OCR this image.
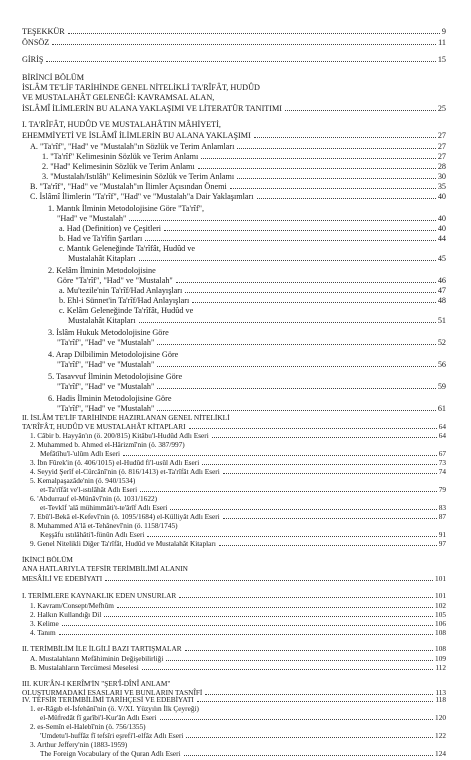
TEŞEKKÜR	9
ÖNSÖZ	11
GİRİŞ	15
BİRİNCİ BÖLÜM
İSLÂM TE'LİF TARİHİNDE GENEL NİTELİKLİ TA'RÎFÂT, HUDÛD
VE MUSTALAHÂT GELENEĞİ: KAVRAMSAL ALAN,
İSLÂMÎ İLİMLERİN BU ALANA YAKLAŞIMI VE LİTERATÜR TANITIMI	25
I. TA'RÎFÂT, HUDÛD VE MUSTALAHÂTIN MÂHİYETİ,
EHEMMİYETİ VE İSLÂMÎ İLİMLERİN BU ALANA YAKLAŞIMI	27
A. "Ta'rîf", "Had" ve "Mustalah"ın Sözlük ve Terim Anlamları	27
1. "Ta'rîf" Kelimesinin Sözlük ve Terim Anlamı	27
2. "Had" Kelimesinin Sözlük ve Terim Anlamı	28
3. "Mustalah/Istılâh" Kelimesinin Sözlük ve Terim Anlamı	30
B. "Ta'rîf", "Had" ve "Mustalah"ın İlimler Açısından Önemi	35
C. İslâmî İlimlerin "Ta'rîf", "Had" ve "Mustalah"a Dair Yaklaşımları	40
1. Mantık İlminin Metodolojisine Göre "Ta'rîf",
"Had" ve "Mustalah"	40
a. Had (Definition) ve Çeşitleri	40
b. Had ve Ta'rîfin Şartları	44
c. Mantık Geleneğinde Ta'rîfât, Hudûd ve
Mustalahât Kitapları	45
2. Kelâm İlminin Metodolojisine
Göre "Ta'rîf", "Had" ve "Mustalah"	46
a. Mu'tezile'nin Ta'rîf/Had Anlayışları	47
b. Ehl-i Sünnet'in Ta'rîf/Had Anlayışları	48
c. Kelâm Geleneğinde Ta'rîfât, Hudûd ve
Mustalahât Kitapları	51
3. İslâm Hukuk Metodolojisine Göre
"Ta'rîf", "Had" ve "Mustalah"	52
4. Arap Dilbilimin Metodolojisine Göre
"Ta'rîf", "Had" ve "Mustalah"	56
5. Tasavvuf İlminin Metodolojisine Göre
"Ta'rîf", "Had" ve "Mustalah"	59
6. Hadis İlminin Metodolojisine Göre
"Ta'rîf", "Had" ve "Mustalah"	61
II. İSLÂM TE'LİF TARİHİNDE HAZIRLANAN GENEL NİTELİKLİ
TA'RÎFÂT, HUDÛD VE MUSTALAHÂT KİTAPLARI	64
1. Câbir b. Hayyân'ın (ö. 200/815) Kitâbu'l-Hudûd Adlı Eseri	64
2. Muhammed b. Ahmed el-Hârizmî'nin (ö. 387/997)
Mefâtîhu'l-'ulûm Adlı Eseri	67
3. İbn Fûrek'in (ö. 406/1015) el-Hudûd fi'l-usûl Adlı Eseri	73
4. Seyyid Şerîf el-Cürcânî'nin (ö. 816/1413) et-Ta'rîfât Adlı Eseri	74
5. Kemalpaşazâde'nin (ö. 940/1534)
et-Ta'rîfât ve'l-ıstılâhât Adlı Eseri	79
6. 'Abdurrauf el-Münâvî'nin (ö. 1031/1622)
et-Tevkîf 'alâ mühimmâti't-te'ârîf Adlı Eseri	83
7. Ebû'l-Bekâ el-Kefevî'nin (ö. 1095/1684) el-Külliyât Adlı Eseri	87
8. Muhammed A'lâ et-Tehânevî'nin (ö. 1158/1745)
Keşşâfu ıstılâhâti'l-fünûn Adlı Eseri	91
9. Genel Nitelikli Diğer Ta'rîfât, Hudûd ve Mustalahât Kitapları	97
İKİNCİ BÖLÜM
ANA HATLARIYLA TEFSİR TERİMBİLİMİ ALANIN
MESÂİLİ VE EDEBİYATI	101
I. TERİMLERE KAYNAKLIK EDEN UNSURLAR	101
1. Kavram/Consept/Mefhûm	102
2. Halkın Kullandığı Dil	105
3. Kelime	106
4. Tanım	108
II. TERİMBİLİM İLE İLGİLİ BAZI TARTIŞMALAR	108
A. Mustalahların Mefâhiminin Değişebilirliği	109
B. Mustalahların Tercümesi Meselesi	112
III. KUR'ÂN-I KERÎM'İN "ŞER'Î-DÎNÎ ANLAM"
OLUŞTURMADAKİ ESASLARI VE BUNLARIN TASNÎFİ	113
IV. TEFSİR TERİMBİLİMİ TARİHÇESİ VE EDEBİYATI	118
1. er-Râgıb el-İsfehânî'nin (ö. V/XI. Yüzyılın İlk Çeyreği)
el-Müfredât fî garîbi'l-Kur'ân Adlı Eseri	120
2. es-Semîn el-Halebî'nin (ö. 756/1355)
'Umdetu'l-huffâz fî tefsîri eşrefi'l-elfâz Adlı Eseri	122
3. Arthur Jeffery'nin (1883-1959)
The Foreign Vocabulary of the Quran Adlı Eseri	124
